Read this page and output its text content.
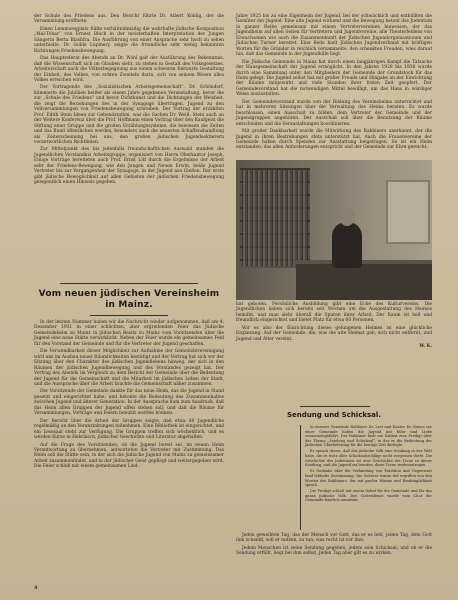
der Schule des Friedens aus. Den Bericht führte Dr. Albert Kohlig, der die Versammlung eröffnete.

Einen Lemmwegplatz füllte verhältnißmäßig die wahrhafte jüdische Komposition „Mal-Tohar“ von Ernest Bloch in der meisterhaften Interpretation der Jungen Sängerin Berta Blashfra. Die Ausführung von einer Ansprache sehr hoch zu sehen unterhielte. Dr. Golde Lupinery, zeigte die freundliche sehr wenig bekannten Richtungen Friedensbewegung.

Das Hauptreferat des Abends an Dr. Wohl galt der Ausführung des Bekenntnis, daß die Wissenschaft sich im Glauben sieht, zu stehen in Gestalt des Volksgesetzes. Arbeiterschaft auch die Völkerbegegnung aus einem schweren Entwurfe Gestaltung der Einheit, des Volkes, von echten Zweiteln darin, sich von seinem Wesen alles Volkes erreichen wird.

Der Vortragende des „Sozialistischen Arbeitsgemeinschaft“, Dr. Schöndorf, kümmerte die Jubiläen heißer als einem Jahre gegebenen Veranstaltung, bevor die zur „Schule des Friedens“ und bevor Dichtkunst und die Dichtungen der Weisheit, die zeigt die Beziehungen des in der Synagoge übertragen, Jugend zu den Vollversammlungen von Friedensbewegung schreiben. Der Vortrag der erzählten Prof. Edith Stein Ideen zur Gebendstation, was die Sachen Dr. Weiß, Stein auch an der Weitere Konferenz über die Prof. Hoffmann einen Vortrag über den Kaufgeist die Stiftung einer Gruppe und die großen Erzählungssysteme, die bewiesen die Zeiten und das Bund öffentlichen werden, besonders auch die neuesten Schaffenshandlung als Zeiterscheinung bei uns, den großen jüdischen Jugendsektierern verantwortlichen Richtlinien.

Zur Mittelpunkt des bis jedenfalls freundschaftlichen Auswahl standen die Jugendlichen Verstandnis Arbeitsgruppe, organisiert von Herrn Oberkantor Joseph, Einige Vorträge bereiteten auch Prof. Ernst Litt durch die Ergebnisse der Arbeit sehr der Friedens-Bewegung, wie den Jungen und Neuen Erwin, beide Jugend Vertreter bis zur Vergangenheit der Synagoge, in der Jugend aus Gießen. Der erste gibt jüdische Beweglichkeit auf allen Gebieten der jüdischen Friedensbewegung gelegentlich einen Hinweis gegeben.

Vom neuen jüdischen Vereinsheim in Mainz.

In der letzten Nummer haben wir die Nachricht wieder aufgenommen, daß am 4. Dezember 1931 in einer schlichten, aber ergreifenden Feier das Jüdische Gemeindeheim zu Mainz in jüdischen Besitz zu Mainz vom Vorsitzenden über die Jugend eine neue Stätte verwirklicht. Neben der Feier wurde ein gemeinsames Feld für den Vorstand der Gemeinde und für die Vertreter der Jugend geschaffen.

Die Verwendbarkeit dieser Möglichkeit zur Aufnahme der Gemeindevereinigung wird uns im Ausbau neuer Räumlichkeiten bestätigt und der Vertrag hat sich vor der Sitzung über den Charakter des jüdischen Jugendlebens hinweg, der sich in den Räumen der jüdischen Jugendbewegung und des Vorstandes gezeigt hat. Der Vortrag des Abends im Vergleich zu dem Bericht der Gemeinde über die Bedeutung der Jugend für die Gemeinschaft und die Mitarbeit im jüdischen Leben der Stadt, und die Aussprache über die Arbeit brachte die Gemeinschaft näher zusammen.

Der Vorsitzende der Gemeinde dankte für das neue Heim, das die Jugend in Stand gesetzt und eingerichtet habe, und betonte die Bedeutung des Zusammenhaltes zwischen Jugend und älterer Generation. In der Aussprache kam zum Ausdruck, daß das Heim allen Gruppen der Jugend offen stehen soll, und daß die Räume für Versammlungen, Vorträge und Feiern benutzt werden können.

Der Bericht über die Arbeit der Gruppen zeigte, daß etwa 80 Jugendliche regelmäßig an den Veranstaltungen teilnehmen. Eine Bibliothek ist eingerichtet, und ein Lesesaal steht zur Verfügung. Die Gruppen treffen sich wöchentlich, und es werden Kurse in Hebräisch, jüdischer Geschichte und Literatur abgehalten.

Auf die Frage des Vorsitzenden, ob die Jugend bereit sei, im neuen Heim Verantwortung zu übernehmen, antworteten die Vertreter mit Zustimmung. Das Heim soll die Stätte sein, in der sich die jüdische Jugend von Mainz zu gemeinsamer Arbeit zusammenfindet, und in der jüdischer Geist gepflegt und weitergegeben wird. Die Feier schloß mit einem gemeinsamen Lied.

Jahre 1925 bis zu eine Eigenheim der Jugend, bei der schwächlich und enthüllten die Gemüter der Jugend. Eine alte Jugend wirkend und die Bewegung betont das Judentum in ganzer Reihe gemeinsam mit einem Vertretervereinen hinweisen, der das Jugendheim auf allen Seiten für Vertretern und Jugendvereine, alle Theaterfeldens von Erwachsenen wie auch die Zusammenkunft der Jüdischen Jugendorganisationen und Jüdischen Turner bereitet. Eine Rede hielt Jüdischen Jugendverband mit kräftigen Worten für die Gründer in reichlich versammelte, den schenkten Freuden, wies darauf hin, daß das Gemeinde in der Jugendhilfe liegt.

Die Jüdische Gemeinde in Mainz hat durch einen langjährigen Kampf die Tatsache der Hausgemeinschaft der Jugend ermöglicht. In den Jahren 1928 bis 1930 wurde durch eine Sammlung unter den Mitgliedern der Gemeinde der Grundstock für das Heim gelegt. Die Jugend selbst hat mit großer Freude und Hingabe an der Einrichtung der Räume mitgewirkt und viele Stunden ihrer freien Zeit geopfert. Der Gemeindevorstand hat die notwendigen Mittel bewilligt, um das Haus in würdiger Weise auszustatten.

Der Gemeindevorstand wurde von der Bildung des Vereinsheims unterrichtet und hat in mehreren Sitzungen über die Verwaltung des Heims beraten. Es wurde beschlossen, einen Ausschuß zu bilden, dem Vertreter der Gemeinde und der Jugendgruppen angehören. Der Ausschuß soll über die Benutzung der Räume entscheiden und die Veranstaltungen koordinieren.

Mit großer Dankbarkeit wurde die Mitwirkung des Rabbiners anerkannt, der die Jugend in ihren Bestrebungen stets unterstützt hat. Auch die Frauenvereine der Gemeinde haben durch Spenden zur Ausstattung beigetragen. So ist ein Heim entstanden, das allen Anforderungen entspricht und der Gemeinde zur Ehre gereicht.

hat geboten. Persönliche Ausbildung gibt eine Ecke des Kulturvereins. Die Jugendlichen haben sich bereits seit Wochen um die Ausgestaltung des Heimes bemüht, und man sieht überall die Spuren ihrer Arbeit. Der Raum ist hell und freundlich eingerichtet und bietet Platz für etwa 60 Personen.

Wir es also der Einrichtung dieses gelungenen Heimes ist eine glückliche Ergänzung. Auf der Gemeinde, die, was die alte Heimat gab, sich nicht entfernt, und Jugend und Alter vereint.

W. K.
Sendung und Schicksal.

In unserer Gemeinde Rabbiner Dr. Levi und Kantor Dr. Simon vor einer Gemeinde haben die Jugend mit Eifer und Liebe zusammengeführt. Der Rabbiner hielt am Sabbat eine Predigt über das Thema „Sendung und Schicksal“, in der er die Bedeutung der jüdischen Überlieferung für die heutige Zeit darlegte.

Er sprach davon, daß das jüdische Volk eine Sendung in der Welt habe, die es trotz aller Schicksalsschläge nicht vergessen dürfe. Die Geschichte des Judentums sei eine Geschichte der Treue zu dieser Sendung, und die Jugend sei berufen, diese Treue weiterzutragen.

Er Gedanke über die Verbindung von Tradition und Gegenwart fand lebhafte Zustimmung. Die Zuhörer waren tief ergriffen von den Worten des Rabbiners, der mit großer Wärme und Eindringlichkeit sprach.

Die Predigt schloß mit einem Gebet für die Gemeinde und für das ganze jüdische Volk. Der Gottesdienst wurde vom Chor der Gemeinde feierlich umrahmt.

Jeden geweihten Tag, das der Mensch vor Gott, das er es lebt, jeden Tag, dem Gott ihm schenkt, soll er nutzen, zu tun, was recht ist vor ihm.

Jedem Menschen ist seine Sendung gegeben, jedem sein Schicksal; und ob er die Sendung erfüllt, liegt bei ihm selbst. Jeden Tag aber gilt es zu wirken.

4
